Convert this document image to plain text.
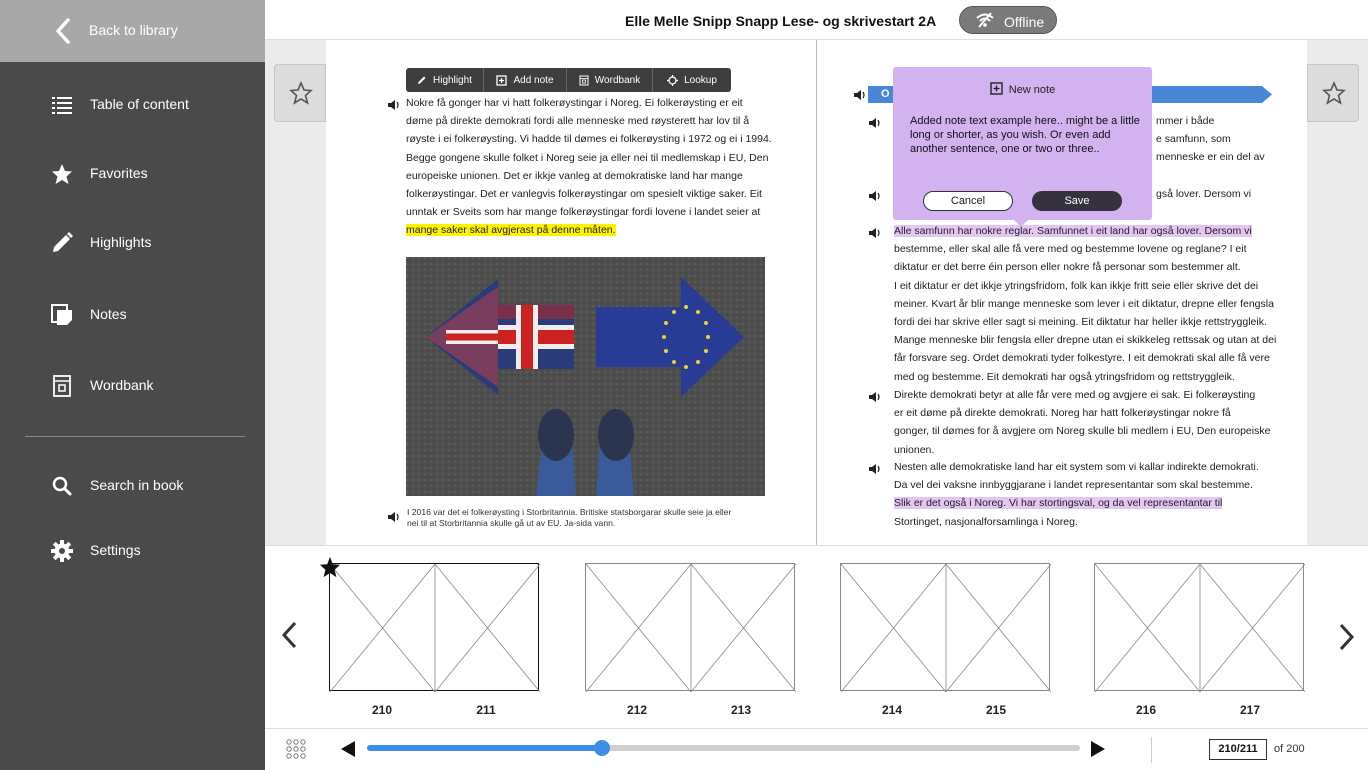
Back to library
Table of content
Favorites
Highlights
Notes
Wordbank
Search in book
Settings
Elle Melle Snipp Snapp Lese- og skrivestart 2A	Offline
Highlight	Add note	Wordbank	Lookup
Nokre få gonger har vi hatt folkerøystingar i Noreg. Ei folkerøysting er eit
døme på direkte demokrati fordi alle menneske med røysterett har lov til å
røyste i ei folkerøysting. Vi hadde til dømes ei folkerøysting i 1972 og ei i 1994.
Begge gongene skulle folket i Noreg seie ja eller nei til medlemskap i EU, Den
europeiske unionen. Det er ikkje vanleg at demokratiske land har mange
folkerøystingar. Det er vanlegvis folkerøystingar om spesielt viktige saker. Eit
unntak er Sveits som har mange folkerøystingar fordi lovene i landet seier at
mange saker skal avgjerast på denne måten.
I 2016 var det ei folkerøysting i Storbritannia. Britiske statsborgarar skulle seie ja eller
nei til at Storbritannia skulle gå ut av EU. Ja-sida vann.
O
mmer i både
e samfunn, som
menneske er ein del av
gså lover. Dersom vi
Alle samfunn har nokre reglar. Samfunnet i eit land har også lover. Dersom vi
bestemme, eller skal alle få vere med og bestemme lovene og reglane? I eit
diktatur er det berre éin person eller nokre få personar som bestemmer alt.
I eit diktatur er det ikkje ytringsfridom, folk kan ikkje fritt seie eller skrive det dei
meiner. Kvart år blir mange menneske som lever i eit diktatur, drepne eller fengsla
fordi dei har skrive eller sagt si meining. Eit diktatur har heller ikkje rettstryggleik.
Mange menneske blir fengsla eller drepne utan ei skikkeleg rettssak og utan at dei
får forsvare seg. Ordet demokrati tyder folkestyre. I eit demokrati skal alle få vere
med og bestemme. Eit demokrati har også ytringsfridom og rettstryggleik.
Direkte demokrati betyr at alle får vere med og avgjere ei sak. Ei folkerøysting
er eit døme på direkte demokrati. Noreg har hatt folkerøystingar nokre få
gonger, til dømes for å avgjere om Noreg skulle bli medlem i EU, Den europeiske
unionen.
Nesten alle demokratiske land har eit system som vi kallar indirekte demokrati.
Da vel dei vaksne innbyggjarane i landet representantar som skal bestemme.
Slik er det også i Noreg. Vi har stortingsval, og da vel representantar til
Stortinget, nasjonalforsamlinga i Noreg.
New note
Added note text example here.. might be a little long or shorter, as you wish. Or even add another sentence, one or two or three..
Cancel	Save
210	211	212	213	214	215	216	217
210/211	of 200
